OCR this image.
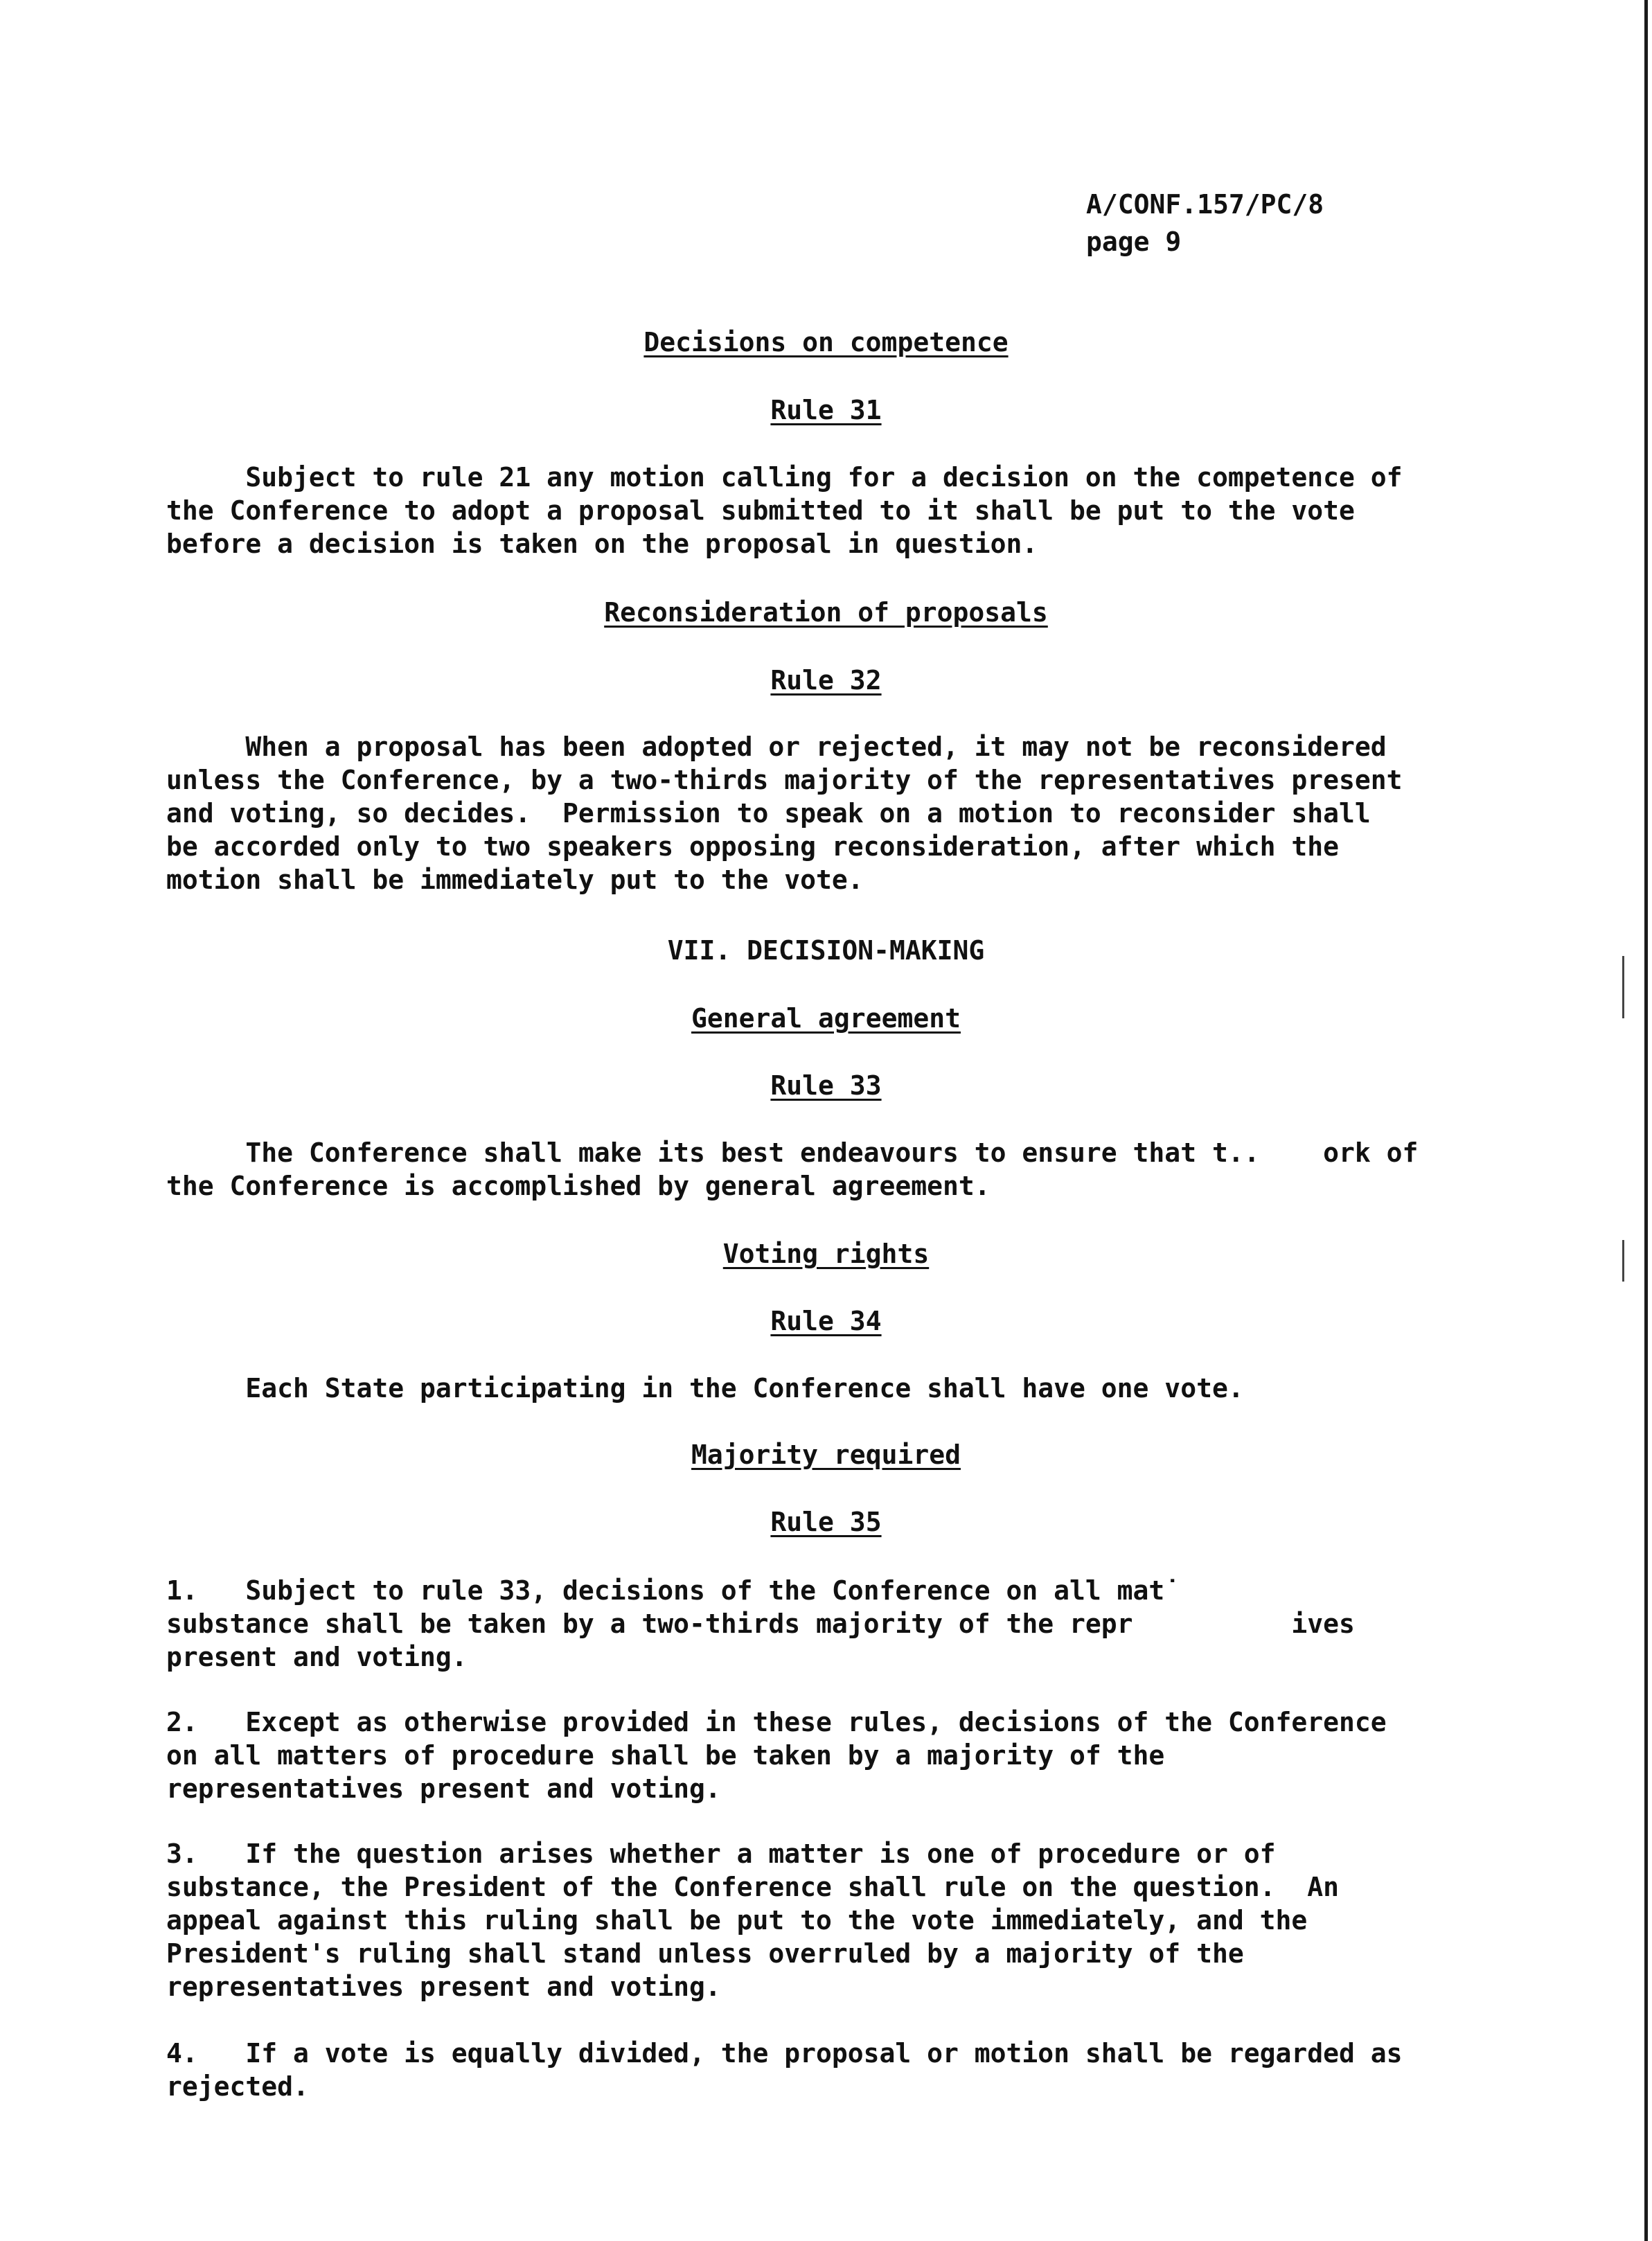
A/CONF.157/PC/8
page 9
Decisions on competence
Rule 31
Subject to rule 21 any motion calling for a decision on the competence of
the Conference to adopt a proposal submitted to it shall be put to the vote
before a decision is taken on the proposal in question.
Reconsideration of proposals
Rule 32
When a proposal has been adopted or rejected, it may not be reconsidered
unless the Conference, by a two-thirds majority of the representatives present
and voting, so decides.  Permission to speak on a motion to reconsider shall
be accorded only to two speakers opposing reconsideration, after which the
motion shall be immediately put to the vote.
VII. DECISION-MAKING
General agreement
Rule 33
The Conference shall make its best endeavours to ensure that t..    ork of
the Conference is accomplished by general agreement.
Voting rights
Rule 34
Each State participating in the Conference shall have one vote.
Majority required
Rule 35
1.   Subject to rule 33, decisions of the Conference on all mat˙
substance shall be taken by a two-thirds majority of the repr          ives
present and voting.
2.   Except as otherwise provided in these rules, decisions of the Conference
on all matters of procedure shall be taken by a majority of the
representatives present and voting.
3.   If the question arises whether a matter is one of procedure or of
substance, the President of the Conference shall rule on the question.  An
appeal against this ruling shall be put to the vote immediately, and the
President's ruling shall stand unless overruled by a majority of the
representatives present and voting.
4.   If a vote is equally divided, the proposal or motion shall be regarded as
rejected.
